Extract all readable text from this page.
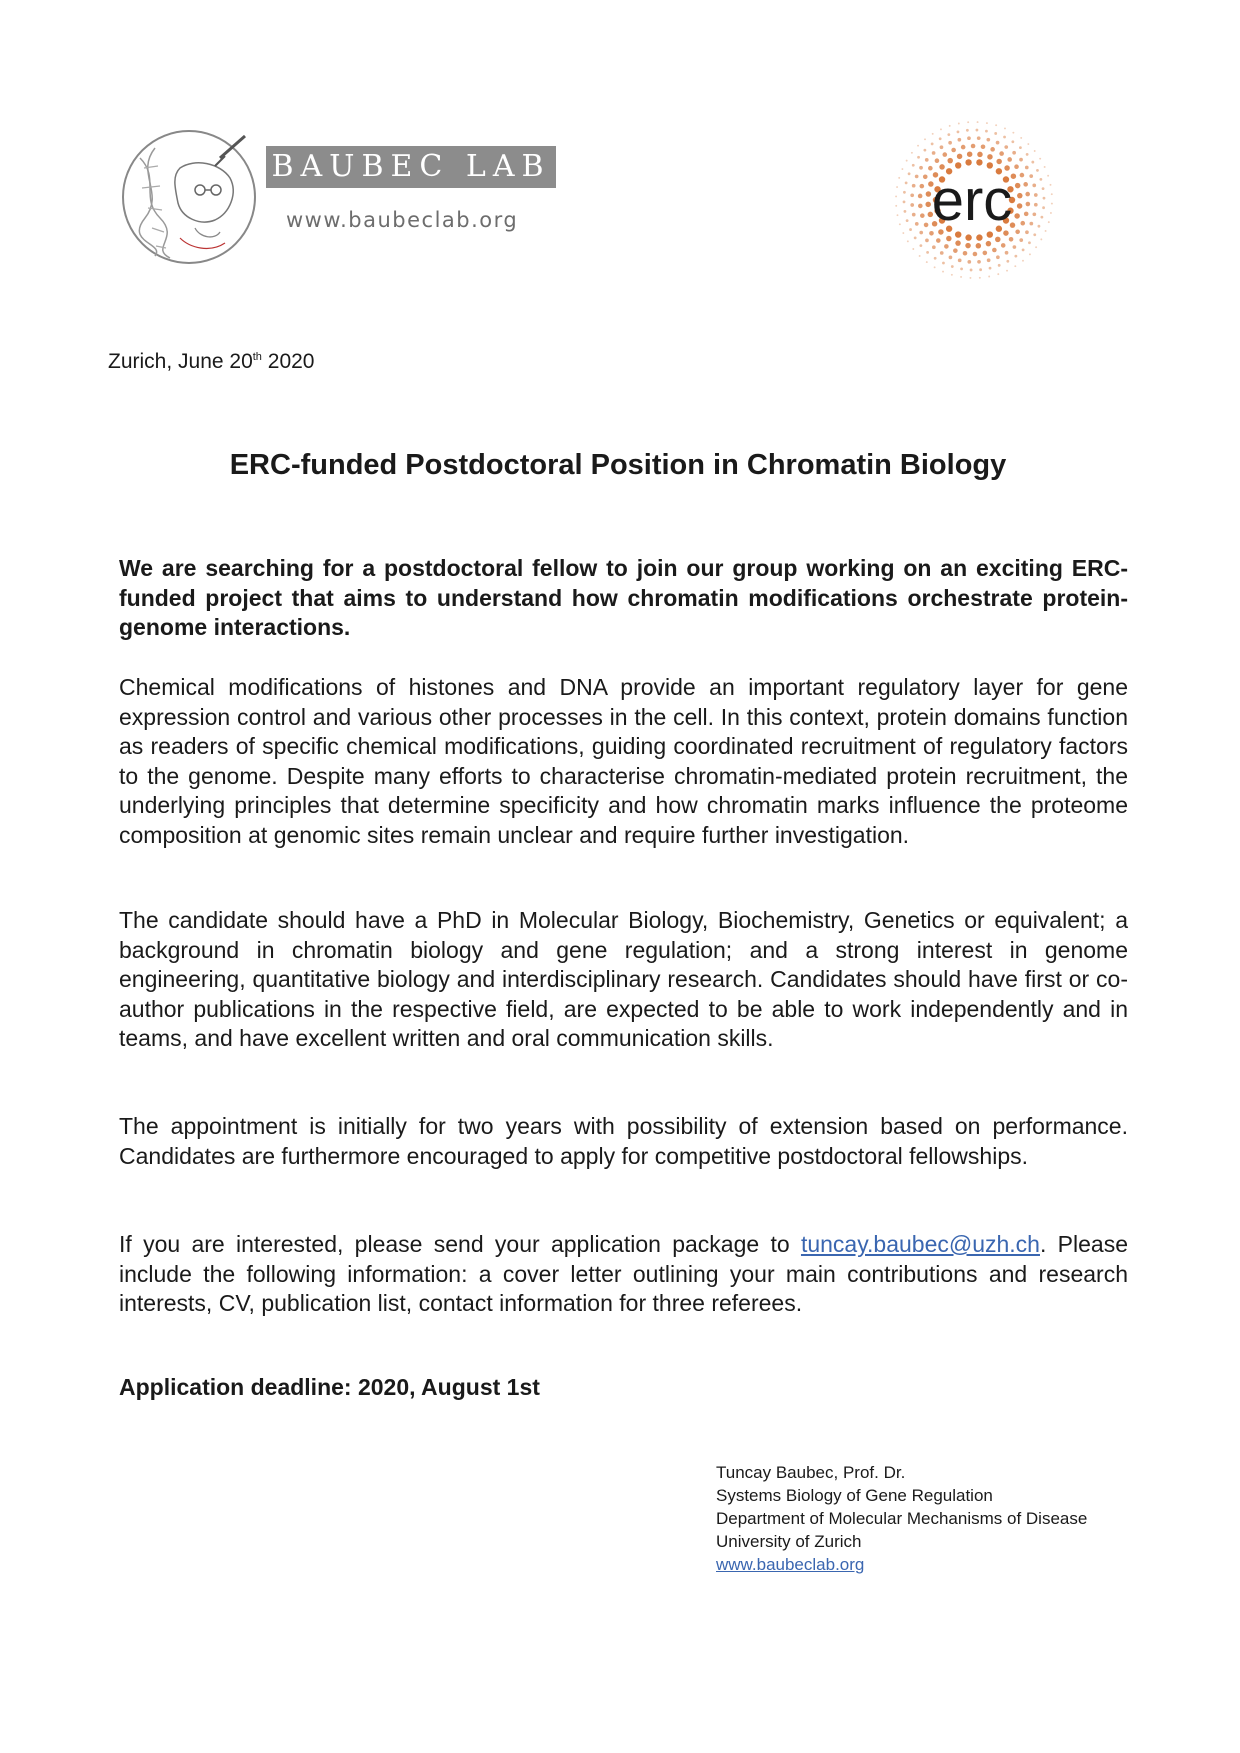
BAUBEC LAB
www.baubeclab.org	erc
Zurich, June 20th 2020
ERC-funded Postdoctoral Position in Chromatin Biology

We are searching for a postdoctoral fellow to join our group working on an exciting ERC-funded project that aims to understand how chromatin modifications orchestrate protein-genome interactions.

Chemical modifications of histones and DNA provide an important regulatory layer for gene expression control and various other processes in the cell. In this context, protein domains function as readers of specific chemical modifications, guiding coordinated recruitment of regulatory factors to the genome. Despite many efforts to characterise chromatin-mediated protein recruitment, the underlying principles that determine specificity and how chromatin marks influence the proteome composition at genomic sites remain unclear and require further investigation.

The candidate should have a PhD in Molecular Biology, Biochemistry, Genetics or equivalent; a background in chromatin biology and gene regulation; and a strong interest in genome engineering, quantitative biology and interdisciplinary research. Candidates should have first or co-author publications in the respective field, are expected to be able to work independently and in teams, and have excellent written and oral communication skills.

The appointment is initially for two years with possibility of extension based on performance. Candidates are furthermore encouraged to apply for competitive postdoctoral fellowships.

If you are interested, please send your application package to tuncay.baubec@uzh.ch. Please include the following information: a cover letter outlining your main contributions and research interests, CV, publication list, contact information for three referees.

Application deadline: 2020, August 1st
Tuncay Baubec, Prof. Dr.
Systems Biology of Gene Regulation
Department of Molecular Mechanisms of Disease
University of Zurich
www.baubeclab.org
